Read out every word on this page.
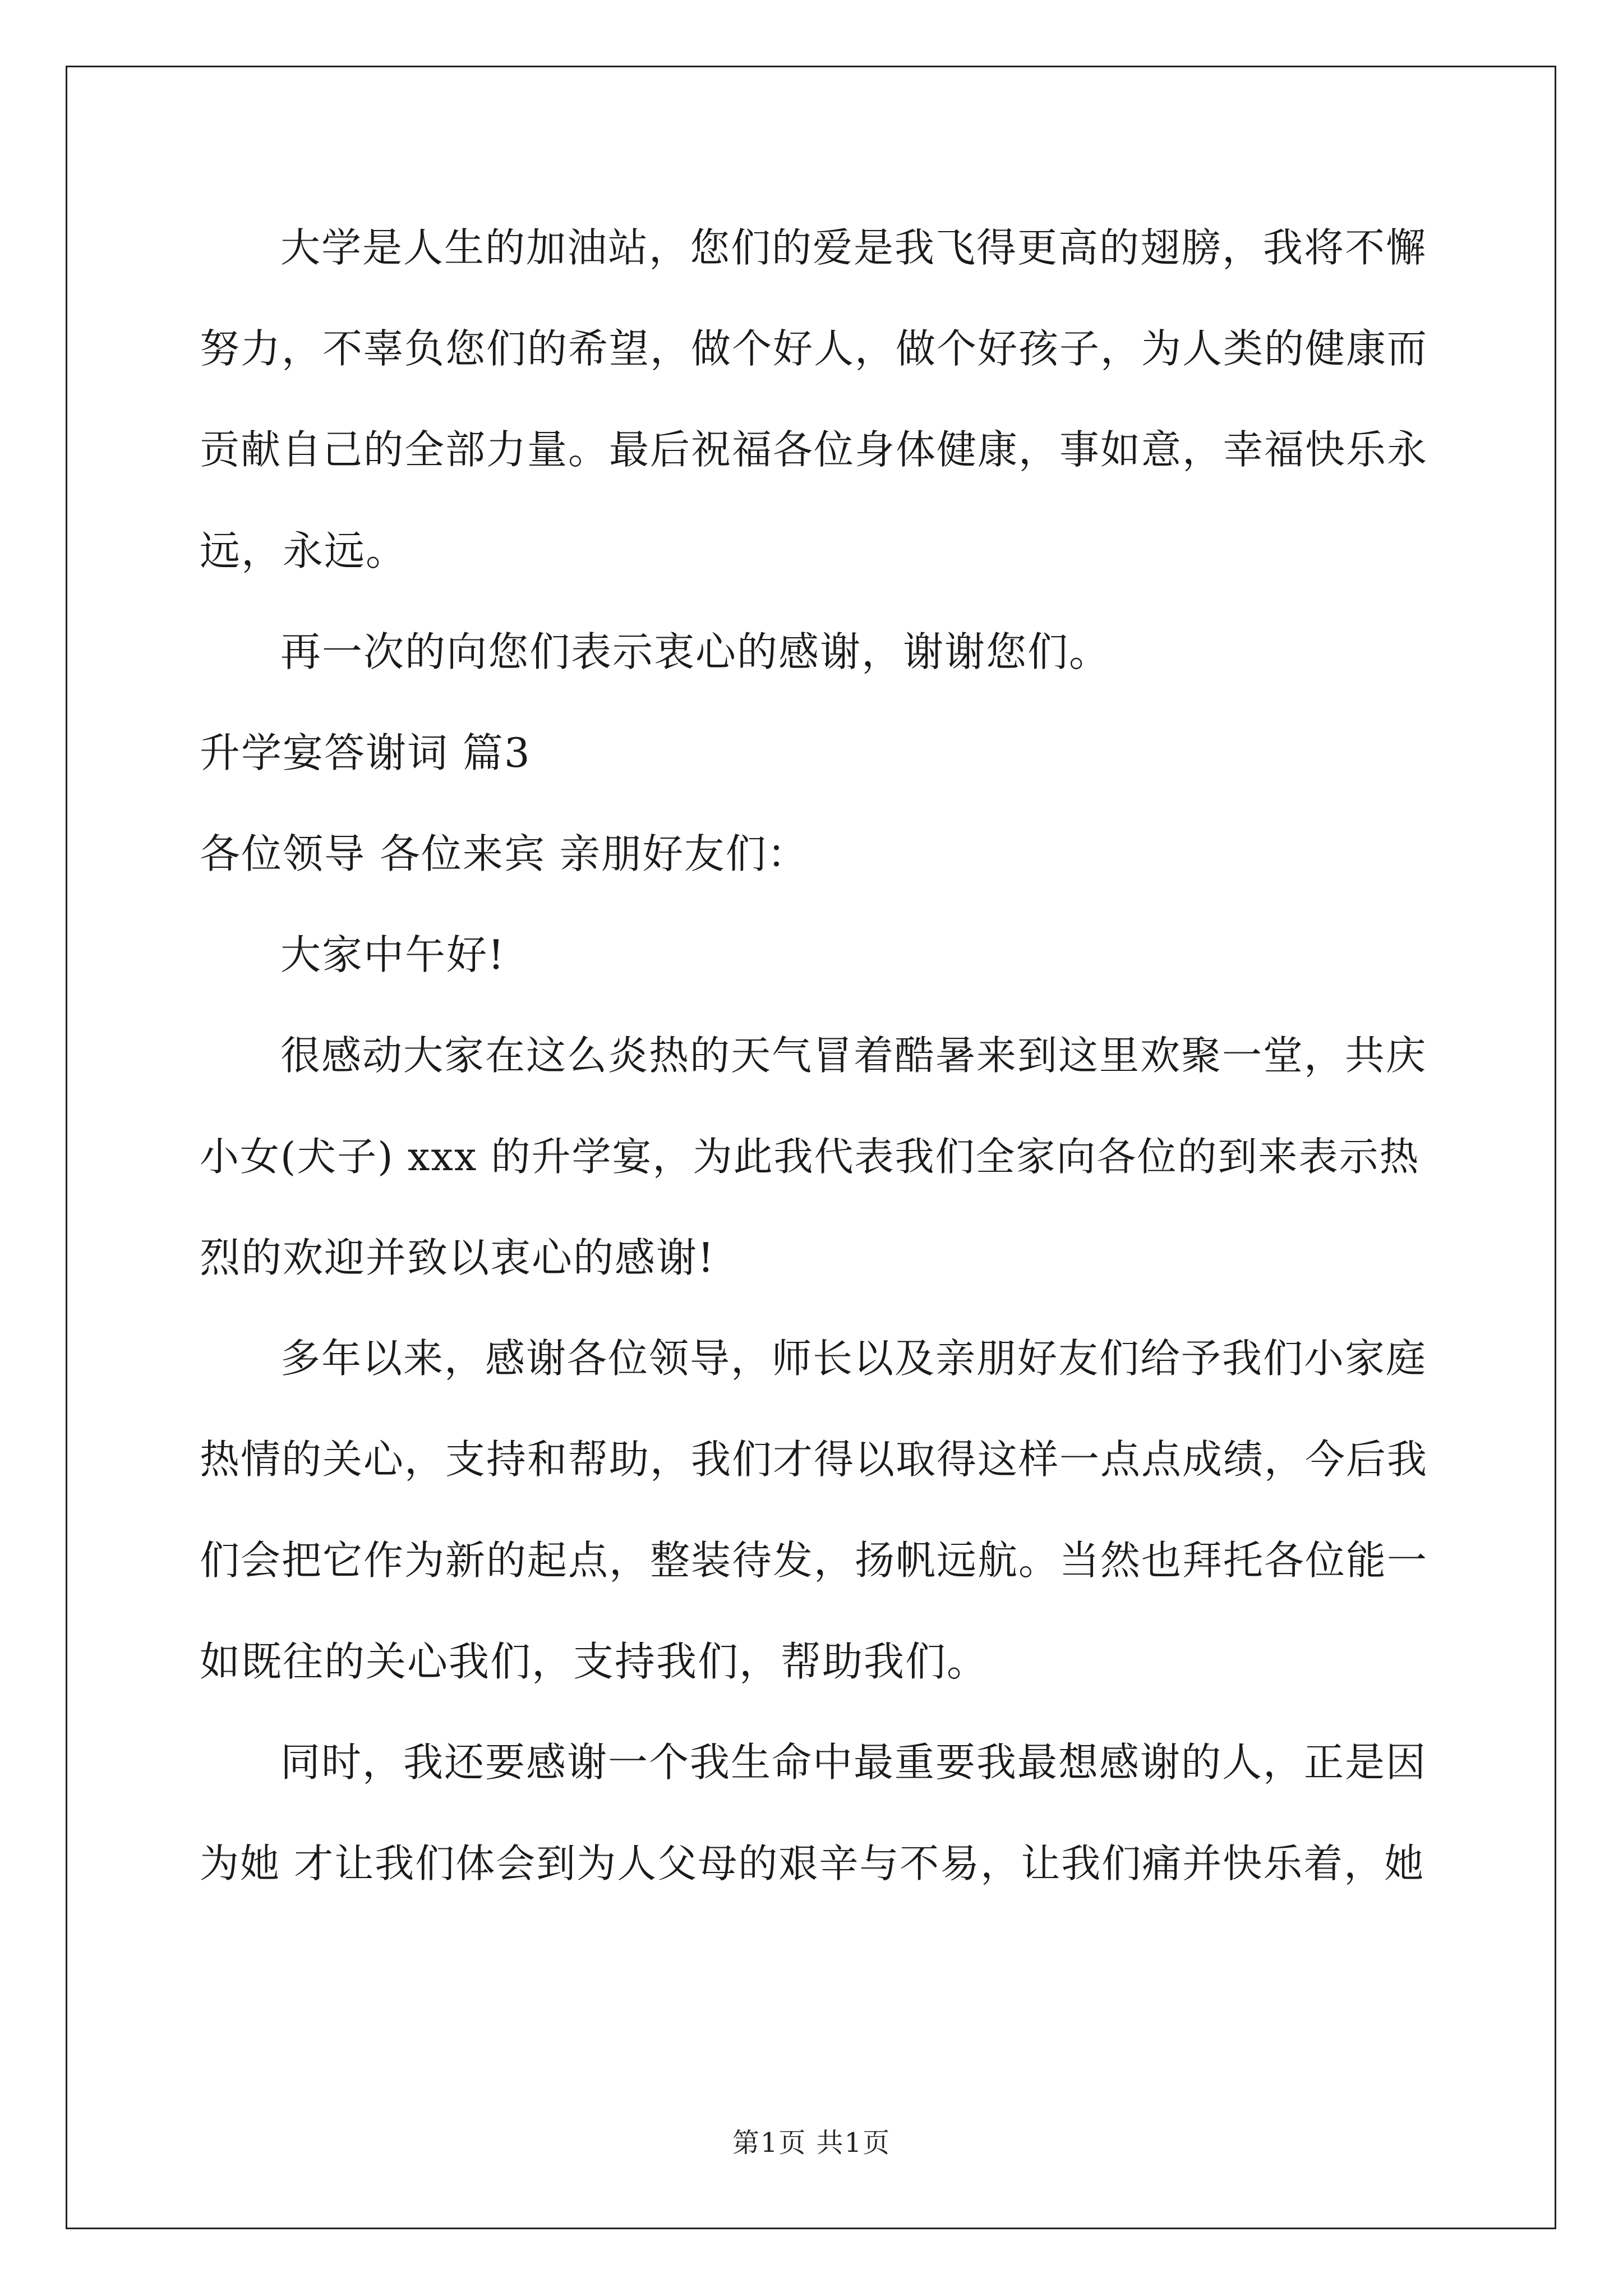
大学是人生的加油站，您们的爱是我飞得更高的翅膀，我将不懈
努力，不辜负您们的希望，做个好人，做个好孩子，为人类的健康而
贡献自己的全部力量。最后祝福各位身体健康，事如意，幸福快乐永
远，永远。
再一次的向您们表示衷心的感谢，谢谢您们。
升学宴答谢词 篇3
各位领导 各位来宾 亲朋好友们：
大家中午好!
很感动大家在这么炎热的天气冒着酷暑来到这里欢聚一堂，共庆
小女(犬子) xxx 的升学宴，为此我代表我们全家向各位的到来表示热
烈的欢迎并致以衷心的感谢!
多年以来，感谢各位领导，师长以及亲朋好友们给予我们小家庭
热情的关心，支持和帮助，我们才得以取得这样一点点成绩，今后我
们会把它作为新的起点，整装待发，扬帆远航。当然也拜托各位能一
如既往的关心我们，支持我们，帮助我们。
同时，我还要感谢一个我生命中最重要我最想感谢的人，正是因
为她 才让我们体会到为人父母的艰辛与不易，让我们痛并快乐着，她
第1页 共1页
